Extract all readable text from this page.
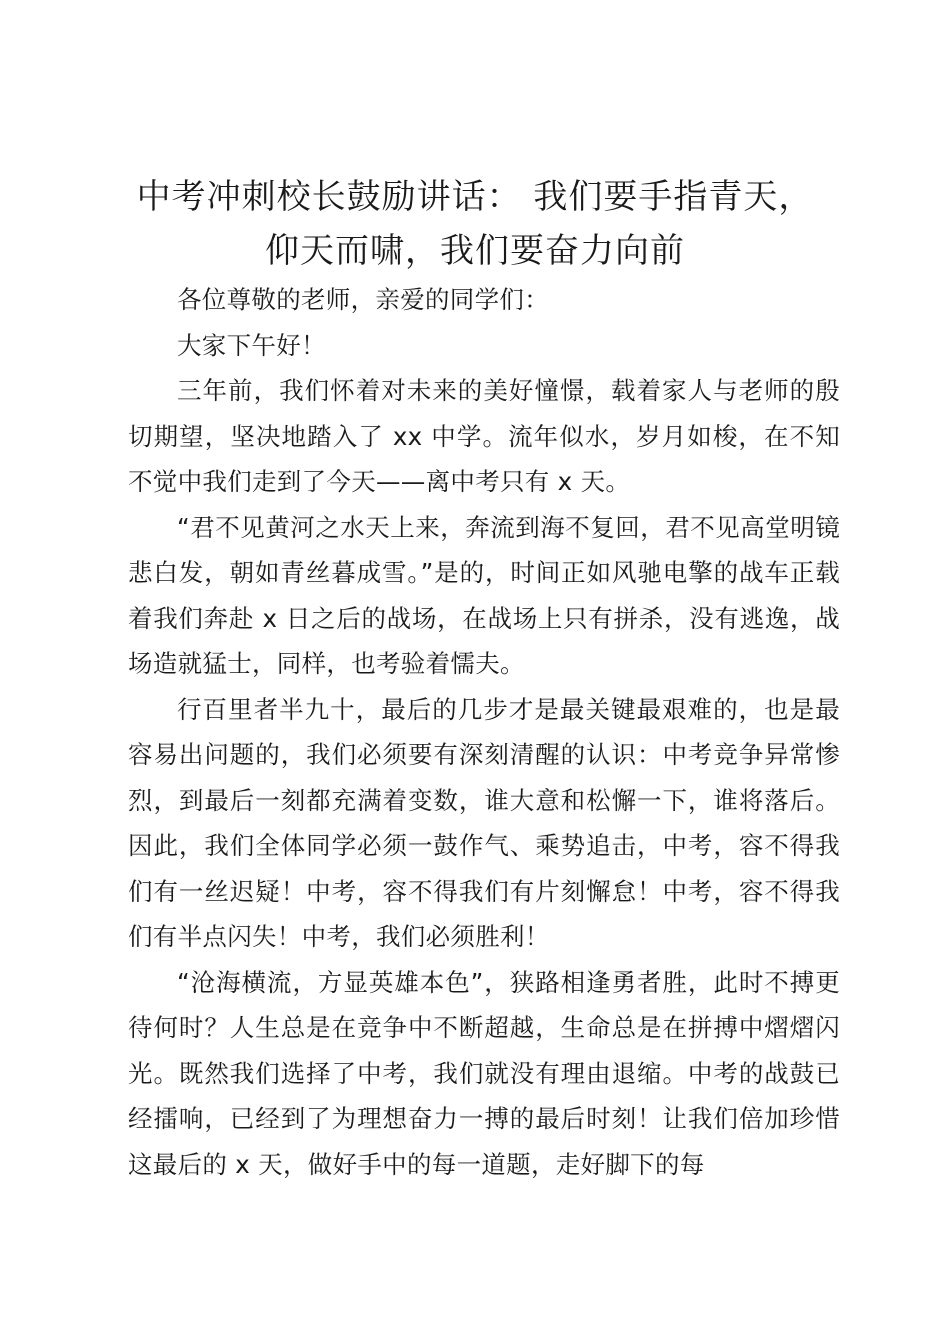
中考冲刺校长鼓励讲话： 我们要手指青天，
仰天而啸，我们要奋力向前

各位尊敬的老师，亲爱的同学们：

大家下午好！

三年前，我们怀着对未来的美好憧憬，载着家人与老师的殷切期望，坚决地踏入了 xx 中学。流年似水，岁月如梭，在不知不觉中我们走到了今天——离中考只有 x 天。

“君不见黄河之水天上来，奔流到海不复回，君不见高堂明镜悲白发，朝如青丝暮成雪。”是的，时间正如风驰电擎的战车正载着我们奔赴 x 日之后的战场，在战场上只有拼杀，没有逃逸，战场造就猛士，同样，也考验着懦夫。

行百里者半九十，最后的几步才是最关键最艰难的，也是最容易出问题的，我们必须要有深刻清醒的认识：中考竞争异常惨烈，到最后一刻都充满着变数，谁大意和松懈一下，谁将落后。因此，我们全体同学必须一鼓作气、乘势追击，中考，容不得我们有一丝迟疑！中考，容不得我们有片刻懈怠！中考，容不得我们有半点闪失！中考，我们必须胜利！

“沧海横流，方显英雄本色”，狭路相逢勇者胜，此时不搏更待何时？人生总是在竞争中不断超越，生命总是在拼搏中熠熠闪光。既然我们选择了中考，我们就没有理由退缩。中考的战鼓已经擂响，已经到了为理想奋力一搏的最后时刻！让我们倍加珍惜这最后的 x 天，做好手中的每一道题，走好脚下的每
